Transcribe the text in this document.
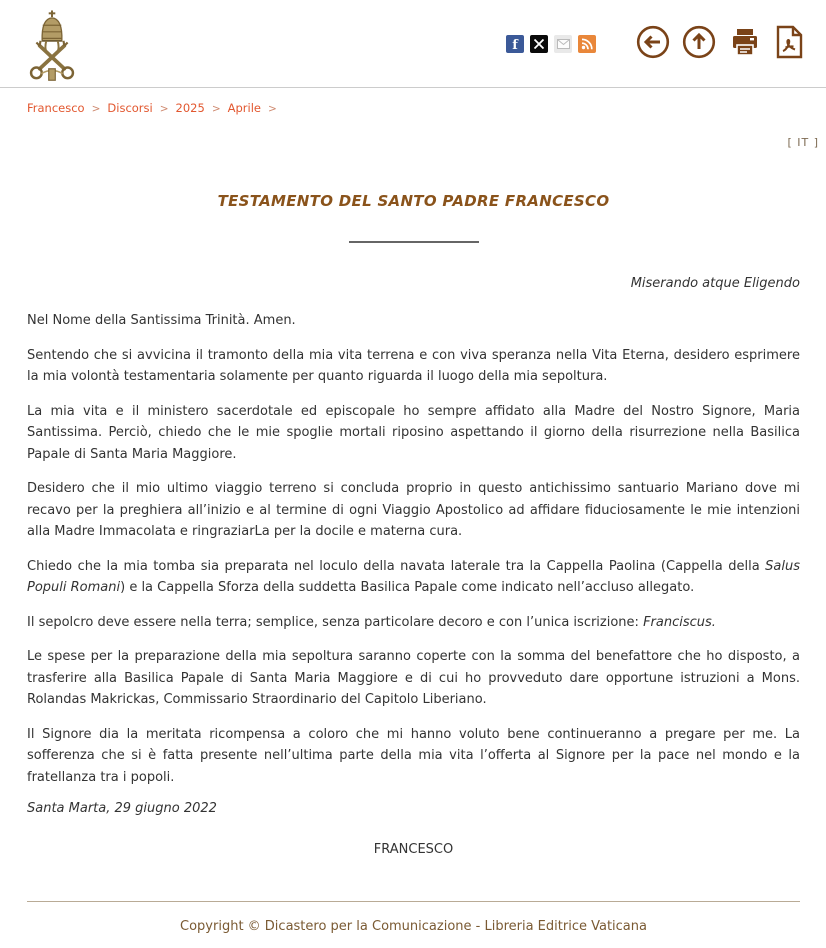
f
Francesco > Discorsi > 2025 > Aprile >
[ IT ]
TESTAMENTO DEL SANTO PADRE FRANCESCO
Miserando atque Eligendo

Nel Nome della Santissima Trinità. Amen.

Sentendo che si avvicina il tramonto della mia vita terrena e con viva speranza nella Vita Eterna, desidero esprimere la mia volontà testamentaria solamente per quanto riguarda il luogo della mia sepoltura.

La mia vita e il ministero sacerdotale ed episcopale ho sempre affidato alla Madre del Nostro Signore, Maria Santissima. Perciò, chiedo che le mie spoglie mortali riposino aspettando il giorno della risurrezione nella Basilica Papale di Santa Maria Maggiore.

Desidero che il mio ultimo viaggio terreno si concluda proprio in questo antichissimo santuario Mariano dove mi recavo per la preghiera all’inizio e al termine di ogni Viaggio Apostolico ad affidare fiduciosamente le mie intenzioni alla Madre Immacolata e ringraziarLa per la docile e materna cura.

Chiedo che la mia tomba sia preparata nel loculo della navata laterale tra la Cappella Paolina (Cappella della Salus Populi Romani) e la Cappella Sforza della suddetta Basilica Papale come indicato nell’accluso allegato.

Il sepolcro deve essere nella terra; semplice, senza particolare decoro e con l’unica iscrizione: Franciscus.

Le spese per la preparazione della mia sepoltura saranno coperte con la somma del benefattore che ho disposto, a trasferire alla Basilica Papale di Santa Maria Maggiore e di cui ho provveduto dare opportune istruzioni a Mons. Rolandas Makrickas, Commissario Straordinario del Capitolo Liberiano.

Il Signore dia la meritata ricompensa a coloro che mi hanno voluto bene continueranno a pregare per me. La sofferenza che si è fatta presente nell’ultima parte della mia vita l’offerta al Signore per la pace nel mondo e la fratellanza tra i popoli.

Santa Marta, 29 giugno 2022
FRANCESCO
Copyright © Dicastero per la Comunicazione - Libreria Editrice Vaticana
